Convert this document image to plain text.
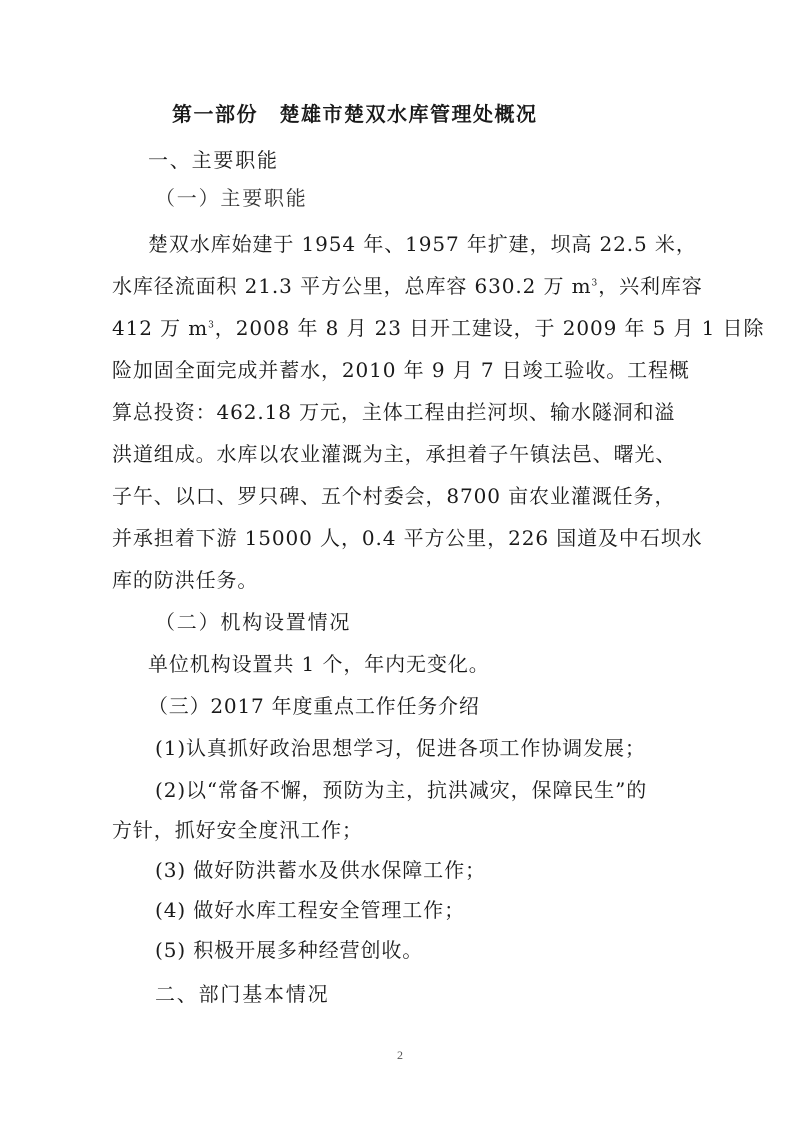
第一部份　楚雄市楚双水库管理处概况
一、主要职能
（一）主要职能
楚双水库始建于 1954 年、1957 年扩建，坝高 22.5 米，
水库径流面积 21.3 平方公里，总库容 630.2 万 $m^3$，兴利库容
412 万 $m^3$，2008 年 8 月 23 日开工建设，于 2009 年 5 月 1 日除
险加固全面完成并蓄水，2010 年 9 月 7 日竣工验收。工程概
算总投资：462.18 万元，主体工程由拦河坝、输水隧洞和溢
洪道组成。水库以农业灌溉为主，承担着子午镇法邑、曙光、
子午、以口、罗只碑、五个村委会，8700 亩农业灌溉任务，
并承担着下游 15000 人，0.4 平方公里，226 国道及中石坝水
库的防洪任务。
（二）机构设置情况
单位机构设置共 1 个，年内无变化。
（三）2017 年度重点工作任务介绍
(1)认真抓好政治思想学习，促进各项工作协调发展；
(2)以“常备不懈，预防为主，抗洪减灾，保障民生”的
方针，抓好安全度汛工作；
(3) 做好防洪蓄水及供水保障工作；
(4) 做好水库工程安全管理工作；
(5) 积极开展多种经营创收。
二、部门基本情况
2
